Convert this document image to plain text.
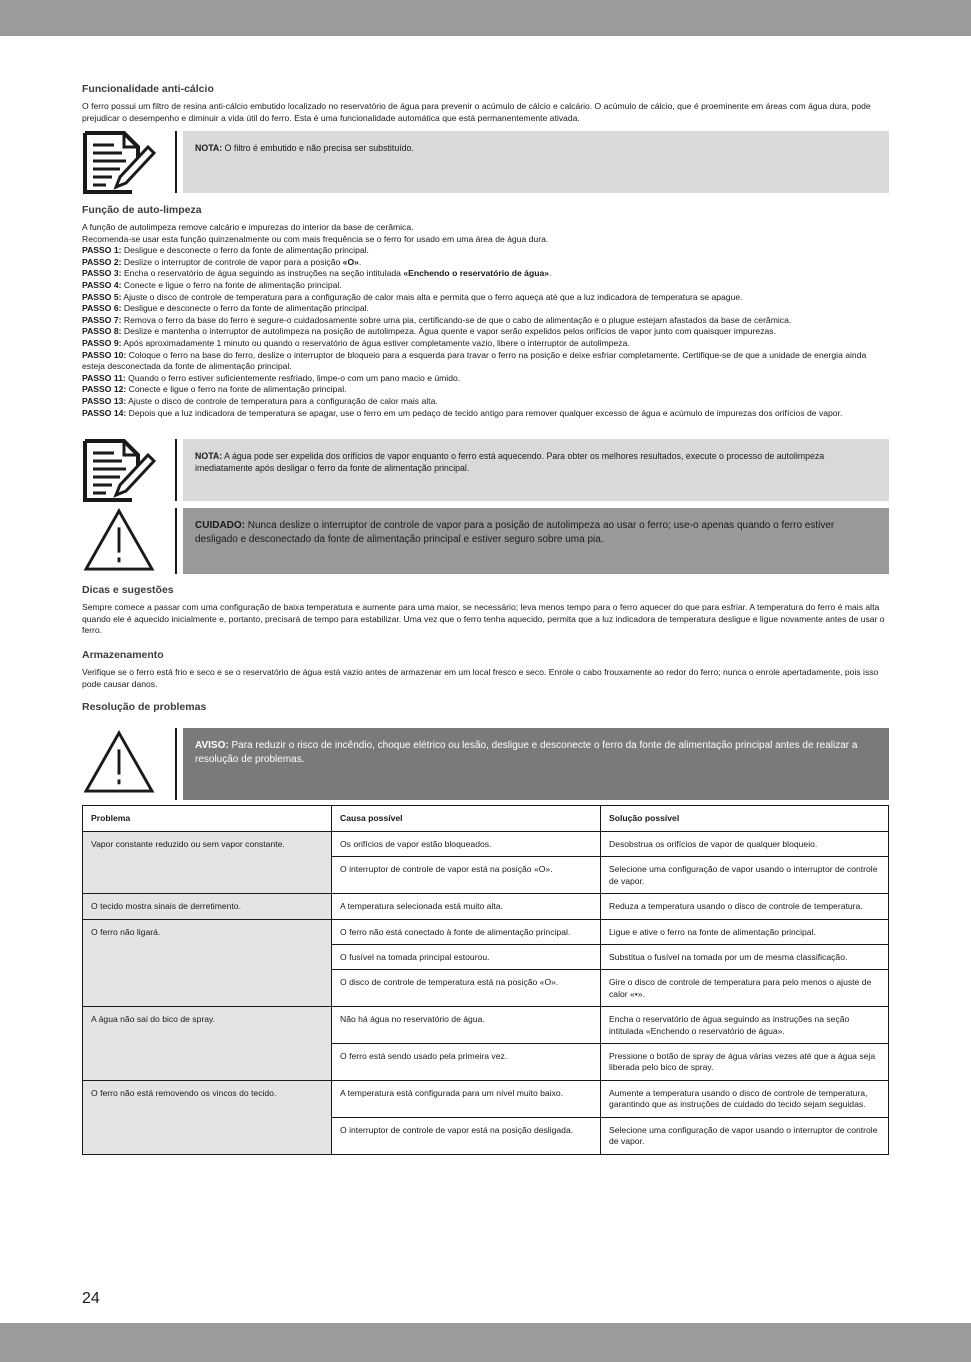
Funcionalidade anti-cálcio

O ferro possui um filtro de resina anti-cálcio embutido localizado no reservatório de água para prevenir o acúmulo de cálcio e calcário. O acúmulo de cálcio, que é proeminente em áreas com água dura, pode prejudicar o desempenho e diminuir a vida útil do ferro. Esta é uma funcionalidade automática que está permanentemente ativada.

NOTA: O filtro é embutido e não precisa ser substituído.
Função de auto-limpeza
A função de autolimpeza remove calcário e impurezas do interior da base de cerâmica.
Recomenda-se usar esta função quinzenalmente ou com mais frequência se o ferro for usado em uma área de água dura.
PASSO 1: Desligue e desconecte o ferro da fonte de alimentação principal.
PASSO 2: Deslize o interruptor de controle de vapor para a posição «O».
PASSO 3: Encha o reservatório de água seguindo as instruções na seção intitulada «Enchendo o reservatório de água».
PASSO 4: Conecte e ligue o ferro na fonte de alimentação principal.
PASSO 5: Ajuste o disco de controle de temperatura para a configuração de calor mais alta e permita que o ferro aqueça até que a luz indicadora de temperatura se apague.
PASSO 6: Desligue e desconecte o ferro da fonte de alimentação principal.
PASSO 7: Remova o ferro da base do ferro e segure-o cuidadosamente sobre uma pia, certificando-se de que o cabo de alimentação e o plugue estejam afastados da base de cerâmica.
PASSO 8: Deslize e mantenha o interruptor de autolimpeza na posição de autolimpeza. Água quente e vapor serão expelidos pelos orifícios de vapor junto com quaisquer impurezas.
PASSO 9: Após aproximadamente 1 minuto ou quando o reservatório de água estiver completamente vazio, libere o interruptor de autolimpeza.
PASSO 10: Coloque o ferro na base do ferro, deslize o interruptor de bloqueio para a esquerda para travar o ferro na posição e deixe esfriar completamente. Certifique-se de que a unidade de energia ainda esteja desconectada da fonte de alimentação principal.
PASSO 11: Quando o ferro estiver suficientemente resfriado, limpe-o com um pano macio e úmido.
PASSO 12: Conecte e ligue o ferro na fonte de alimentação principal.
PASSO 13: Ajuste o disco de controle de temperatura para a configuração de calor mais alta.
PASSO 14: Depois que a luz indicadora de temperatura se apagar, use o ferro em um pedaço de tecido antigo para remover qualquer excesso de água e acúmulo de impurezas dos orifícios de vapor.
NOTA: A água pode ser expelida dos orifícios de vapor enquanto o ferro está aquecendo. Para obter os melhores resultados, execute o processo de autolimpeza imediatamente após desligar o ferro da fonte de alimentação principal.
CUIDADO: Nunca deslize o interruptor de controle de vapor para a posição de autolimpeza ao usar o ferro; use-o apenas quando o ferro estiver desligado e desconectado da fonte de alimentação principal e estiver seguro sobre uma pia.
Dicas e sugestões

Sempre comece a passar com uma configuração de baixa temperatura e aumente para uma maior, se necessário; leva menos tempo para o ferro aquecer do que para esfriar. A temperatura do ferro é mais alta quando ele é aquecido inicialmente e, portanto, precisará de tempo para estabilizar. Uma vez que o ferro tenha aquecido, permita que a luz indicadora de temperatura desligue e ligue novamente antes de usar o ferro.

Armazenamento

Verifique se o ferro está frio e seco e se o reservatório de água está vazio antes de armazenar em um local fresco e seco. Enrole o cabo frouxamente ao redor do ferro; nunca o enrole apertadamente, pois isso pode causar danos.

Resolução de problemas
AVISO: Para reduzir o risco de incêndio, choque elétrico ou lesão, desligue e desconecte o ferro da fonte de alimentação principal antes de realizar a resolução de problemas.
Problema	Causa possível	Solução possível
Vapor constante reduzido ou sem vapor constante.	Os orifícios de vapor estão bloqueados.	Desobstrua os orifícios de vapor de qualquer bloqueio.
	O interruptor de controle de vapor está na posição «O».	Selecione uma configuração de vapor usando o interruptor de controle de vapor.
O tecido mostra sinais de derretimento.	A temperatura selecionada está muito alta.	Reduza a temperatura usando o disco de controle de temperatura.
O ferro não ligará.	O ferro não está conectado à fonte de alimentação principal.	Ligue e ative o ferro na fonte de alimentação principal.
	O fusível na tomada principal estourou.	Substitua o fusível na tomada por um de mesma classificação.
	O disco de controle de temperatura está na posição «O».	Gire o disco de controle de temperatura para pelo menos o ajuste de calor «•».
A água não sai do bico de spray.	Não há água no reservatório de água.	Encha o reservatório de água seguindo as instruções na seção intitulada «Enchendo o reservatório de água».
	O ferro está sendo usado pela primeira vez.	Pressione o botão de spray de água várias vezes até que a água seja liberada pelo bico de spray.
O ferro não está removendo os vincos do tecido.	A temperatura está configurada para um nível muito baixo.	Aumente a temperatura usando o disco de controle de temperatura, garantindo que as instruções de cuidado do tecido sejam seguidas.
	O interruptor de controle de vapor está na posição desligada.	Selecione uma configuração de vapor usando o interruptor de controle de vapor.
24
